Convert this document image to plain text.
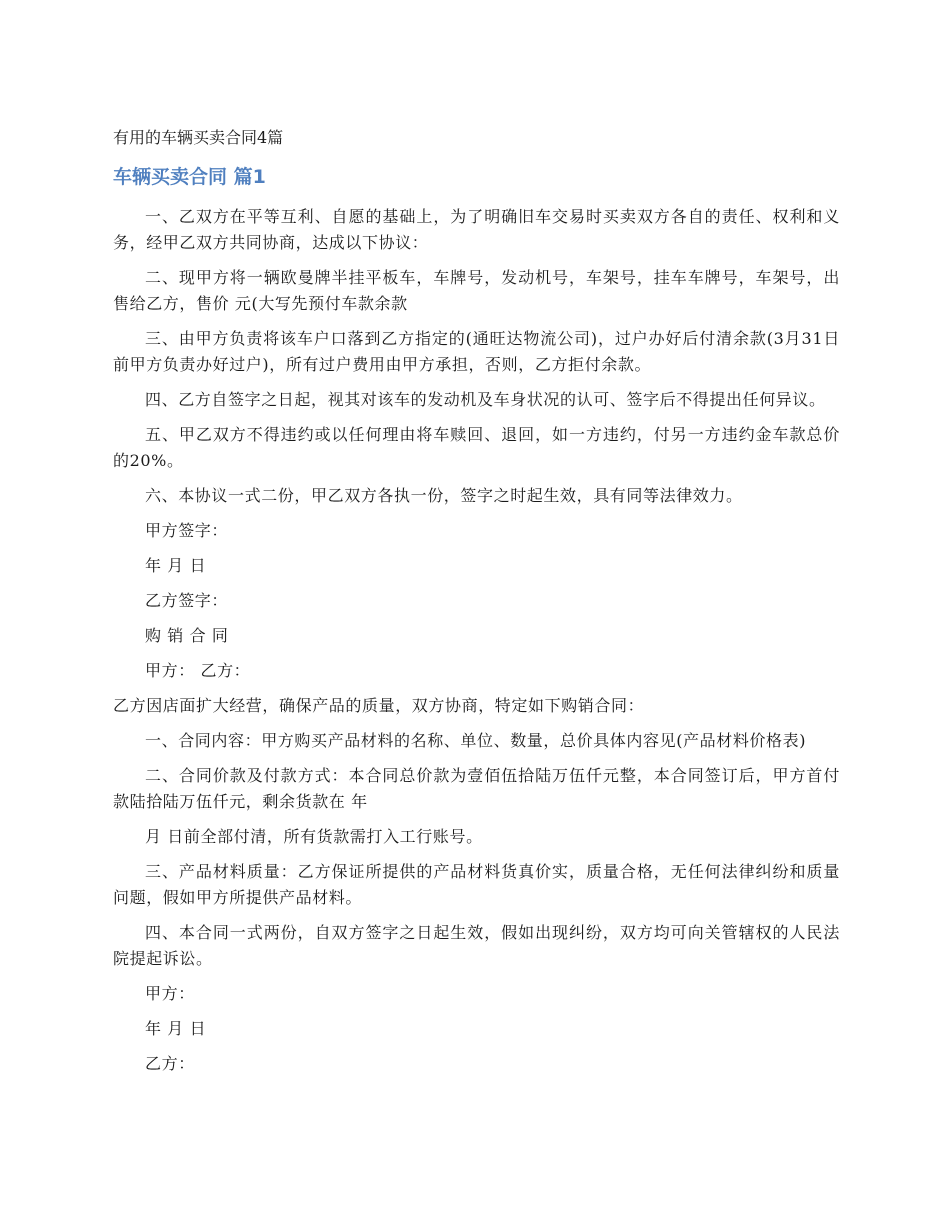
有用的车辆买卖合同4篇
车辆买卖合同 篇1

一、乙双方在平等互利、自愿的基础上，为了明确旧车交易时买卖双方各自的责任、权利和义务，经甲乙双方共同协商，达成以下协议：

二、现甲方将一辆欧曼牌半挂平板车，车牌号，发动机号，车架号，挂车车牌号，车架号，出售给乙方，售价 元(大写先预付车款余款

三、由甲方负责将该车户口落到乙方指定的(通旺达物流公司)，过户办好后付清余款(3月31日前甲方负责办好过户)，所有过户费用由甲方承担，否则，乙方拒付余款。

四、乙方自签字之日起，视其对该车的发动机及车身状况的认可、签字后不得提出任何异议。

五、甲乙双方不得违约或以任何理由将车赎回、退回，如一方违约，付另一方违约金车款总价的20%。

六、本协议一式二份，甲乙双方各执一份，签字之时起生效，具有同等法律效力。

甲方签字：

年 月 日

乙方签字：

购 销 合 同

甲方： 乙方：

乙方因店面扩大经营，确保产品的质量，双方协商，特定如下购销合同：

一、合同内容：甲方购买产品材料的名称、单位、数量，总价具体内容见(产品材料价格表)

二、合同价款及付款方式：本合同总价款为壹佰伍拾陆万伍仟元整，本合同签订后，甲方首付款陆拾陆万伍仟元，剩余货款在 年

月 日前全部付清，所有货款需打入工行账号。

三、产品材料质量：乙方保证所提供的产品材料货真价实，质量合格，无任何法律纠纷和质量问题，假如甲方所提供产品材料。

四、本合同一式两份，自双方签字之日起生效，假如出现纠纷，双方均可向关管辖权的人民法院提起诉讼。

甲方：

年 月 日

乙方：
